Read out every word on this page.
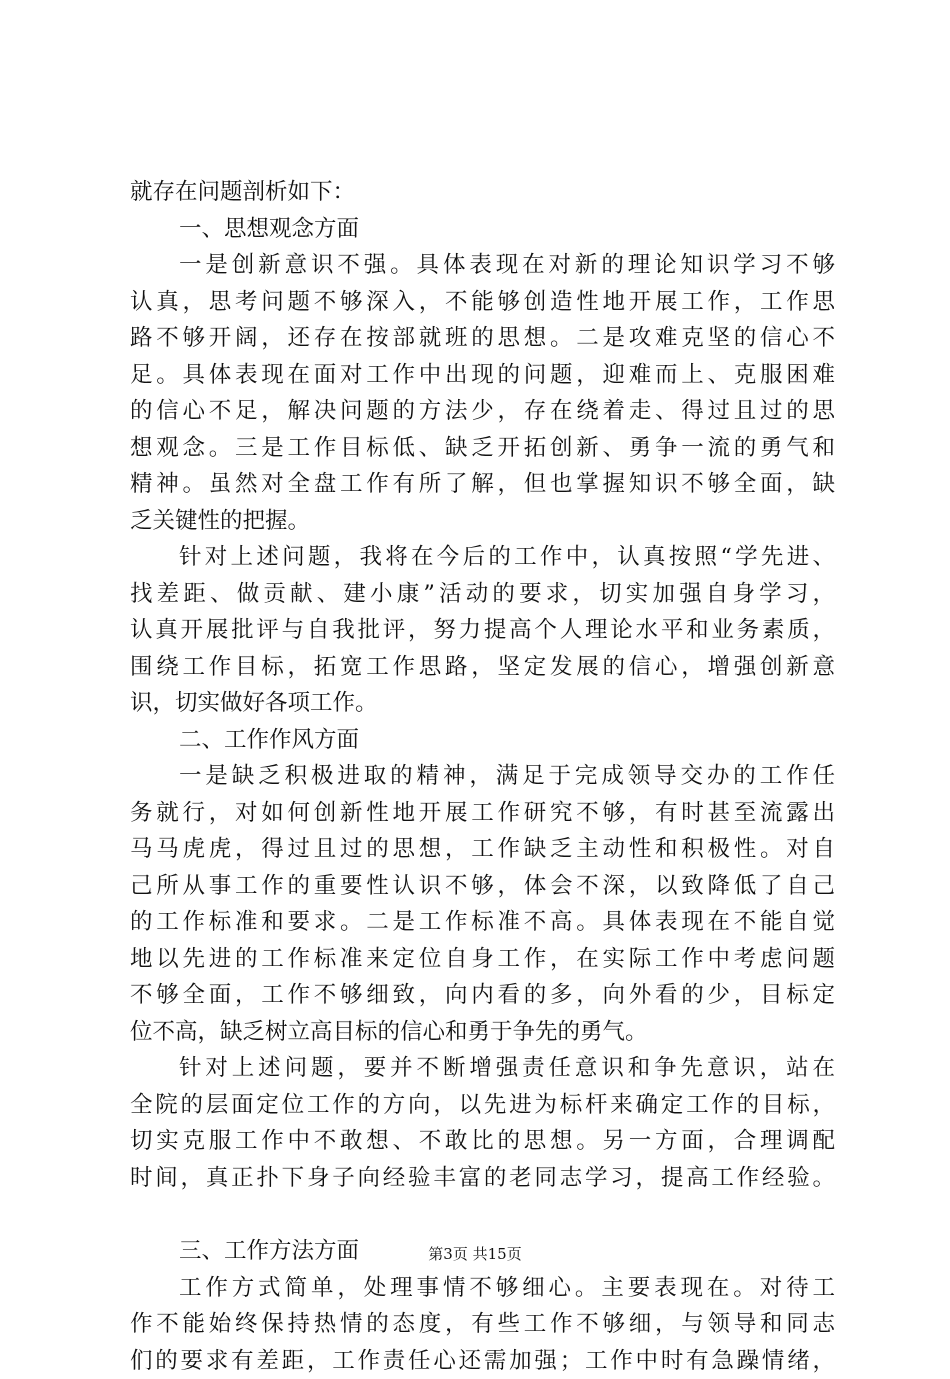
就存在问题剖析如下：
一、思想观念方面
一是创新意识不强。具体表现在对新的理论知识学习不够
认真，思考问题不够深入，不能够创造性地开展工作，工作思
路不够开阔，还存在按部就班的思想。二是攻难克坚的信心不
足。具体表现在面对工作中出现的问题，迎难而上、克服困难
的信心不足，解决问题的方法少，存在绕着走、得过且过的思
想观念。三是工作目标低、缺乏开拓创新、勇争一流的勇气和
精神。虽然对全盘工作有所了解，但也掌握知识不够全面，缺
乏关键性的把握。
针对上述问题，我将在今后的工作中，认真按照“学先进、
找差距、做贡献、建小康”活动的要求，切实加强自身学习，
认真开展批评与自我批评，努力提高个人理论水平和业务素质，
围绕工作目标，拓宽工作思路，坚定发展的信心，增强创新意
识，切实做好各项工作。
二、工作作风方面
一是缺乏积极进取的精神，满足于完成领导交办的工作任
务就行，对如何创新性地开展工作研究不够，有时甚至流露出
马马虎虎，得过且过的思想，工作缺乏主动性和积极性。对自
己所从事工作的重要性认识不够，体会不深，以致降低了自己
的工作标准和要求。二是工作标准不高。具体表现在不能自觉
地以先进的工作标准来定位自身工作，在实际工作中考虑问题
不够全面，工作不够细致，向内看的多，向外看的少，目标定
位不高，缺乏树立高目标的信心和勇于争先的勇气。
针对上述问题，要并不断增强责任意识和争先意识，站在
全院的层面定位工作的方向，以先进为标杆来确定工作的目标，
切实克服工作中不敢想、不敢比的思想。另一方面，合理调配
时间，真正扑下身子向经验丰富的老同志学习，提高工作经验。
三、工作方法方面
工作方式简单，处理事情不够细心。主要表现在。对待工
作不能始终保持热情的态度，有些工作不够细，与领导和同志
们的要求有差距，工作责任心还需加强；工作中时有急躁情绪，
第3页 共15页
